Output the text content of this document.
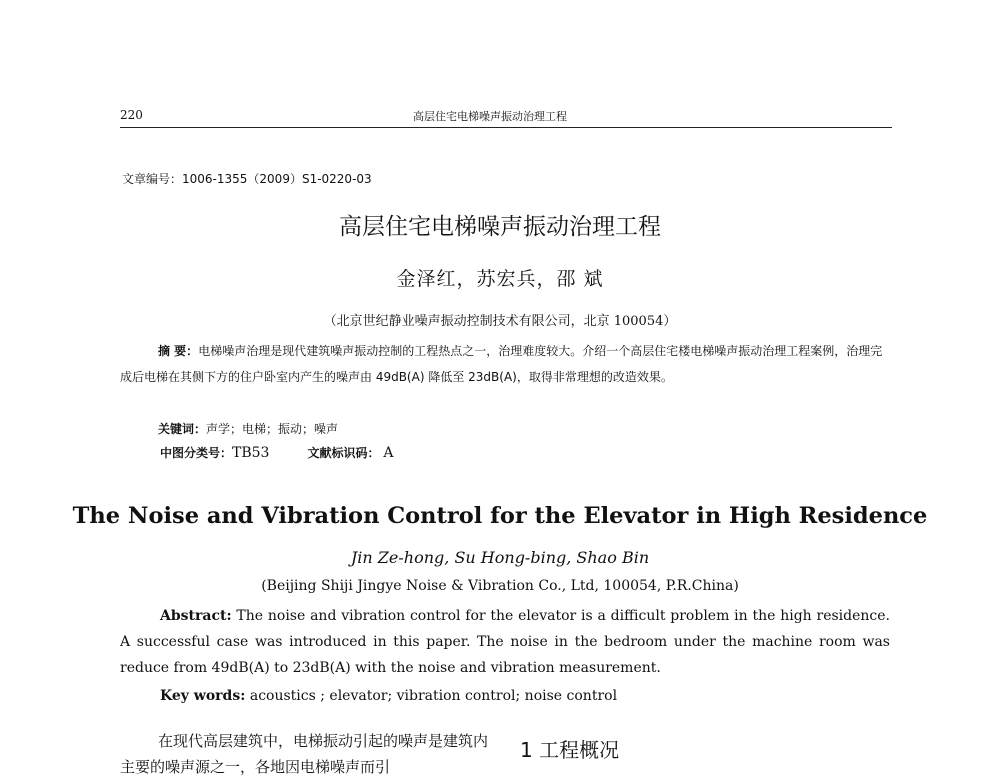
220	高层住宅电梯噪声振动治理工程
文章编号：1006-1355（2009）S1-0220-03
高层住宅电梯噪声振动治理工程
金泽红，苏宏兵，邵 斌
（北京世纪静业噪声振动控制技术有限公司，北京 100054）
摘 要：电梯噪声治理是现代建筑噪声振动控制的工程热点之一，治理难度较大。介绍一个高层住宅楼电梯噪声振动治理工程案例，治理完成后电梯在其侧下方的住户卧室内产生的噪声由 49dB(A) 降低至 23dB(A)，取得非常理想的改造效果。
关键词：声学；电梯；振动；噪声
中图分类号：TB53	文献标识码： A
The Noise and Vibration Control for the Elevator in High Residence
Jin Ze-hong, Su Hong-bing, Shao Bin
(Beijing Shiji Jingye Noise & Vibration Co., Ltd, 100054, P.R.China)
Abstract: The noise and vibration control for the elevator is a difficult problem in the high residence. A successful case was introduced in this paper. The noise in the bedroom under the machine room was reduce from 49dB(A) to 23dB(A) with the noise and vibration measurement.
Key words: acoustics ; elevator; vibration control; noise control
在现代高层建筑中，电梯振动引起的噪声是建筑内主要的噪声源之一，各地因电梯噪声而引
1 工程概况
